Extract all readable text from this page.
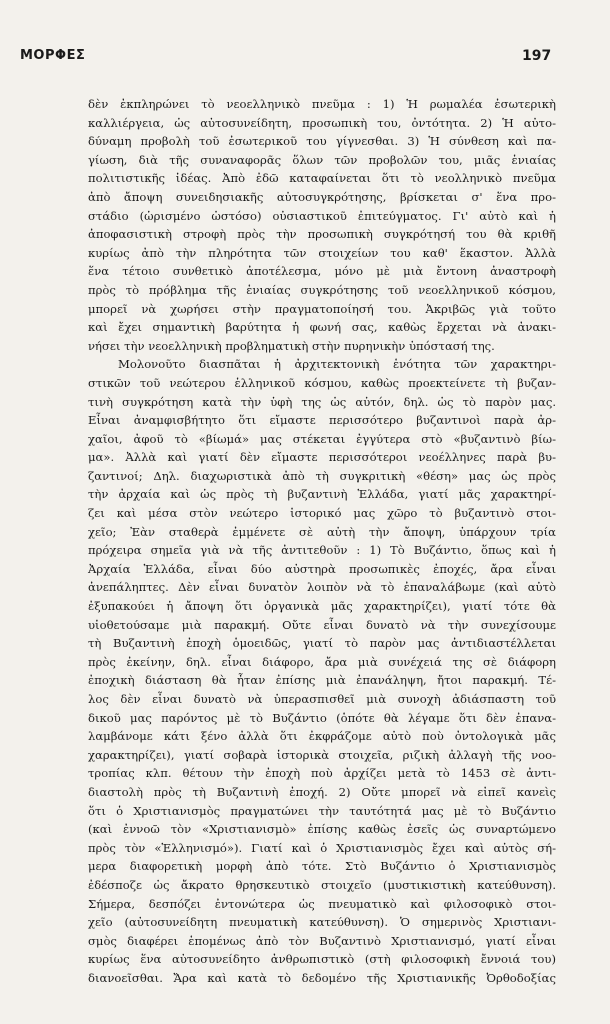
ΜΟΡΦΕΣ	197
δὲν ἐκπληρώνει τὸ νεοελληνικὸ πνεῦμα : 1) Ἡ ρωμαλέα ἐσωτερικὴ
καλλιέργεια, ὡς αὐτοσυνείδητη, προσωπικὴ του, ὀντότητα. 2) Ἡ αὐτο-
δύναμη προβολὴ τοῦ ἐσωτερικοῦ του γίγνεσθαι. 3) Ἡ σύνθεση καὶ πα-
γίωση, διὰ τῆς συναναφορᾶς ὅλων τῶν προβολῶν του, μιᾶς ἑνιαίας
πολιτιστικῆς ἰδέας. Ἀπὸ ἐδῶ καταφαίνεται ὅτι τὸ νεολληνικὸ πνεῦμα
ἀπὸ ἄποψη συνειδησιακῆς αὐτοσυγκρότησης, βρίσκεται σ' ἕνα προ-
στάδιο (ὡρισμένο ὡστόσο) οὐσιαστικοῦ ἐπιτεύγματος. Γι' αὐτὸ καὶ ἡ
ἀποφασιστικὴ στροφὴ πρὸς τὴν προσωπικὴ συγκρότησή του θὰ κριθῆ
κυρίως ἀπὸ τὴν πληρότητα τῶν στοιχείων του καθ' ἕκαστον. Ἀλλὰ
ἕνα τέτοιο συνθετικὸ ἀποτέλεσμα, μόνο μὲ μιὰ ἔντονη ἀναστροφὴ
πρὸς τὸ πρόβλημα τῆς ἑνιαίας συγκρότησης τοῦ νεοελληνικοῦ κόσμου,
μπορεῖ νὰ χωρήσει στὴν πραγματοποίησή του. Ἀκριβῶς γιὰ τοῦτο
καὶ ἔχει σημαντικὴ βαρύτητα ἡ φωνή σας, καθὼς ἔρχεται νὰ ἀνακι-
νήσει τὴν νεοελληνικὴ προβληματικὴ στὴν πυρηνικὴν ὑπόστασή της.
Μολονοῦτο διασπᾶται ἡ ἀρχιτεκτονικὴ ἑνότητα τῶν χαρακτηρι-
στικῶν τοῦ νεώτερου ἑλληνικοῦ κόσμου, καθὼς προεκτείνετε τὴ βυζαν-
τινὴ συγκρότηση κατὰ τὴν ὑφὴ της ὡς αὐτόν, δηλ. ὡς τὸ παρὸν μας.
Εἶναι ἀναμφισβήτητο ὅτι εἴμαστε περισσότερο βυζαντινοὶ παρὰ ἀρ-
χαῖοι, ἀφοῦ τὸ «βίωμά» μας στέκεται ἐγγύτερα στὸ «βυζαντινὸ βίω-
μα». Ἀλλὰ καὶ γιατί δὲν εἴμαστε περισσότεροι νεοέλληνες παρὰ βυ-
ζαντινοί; Δηλ. διαχωριστικὰ ἀπὸ τὴ συγκριτικὴ «θέση» μας ὡς πρὸς
τὴν ἀρχαία καὶ ὡς πρὸς τὴ βυζαντινὴ Ἑλλάδα, γιατί μᾶς χαρακτηρί-
ζει καὶ μέσα στὸν νεώτερο ἱστορικό μας χῶρο τὸ βυζαντινὸ στοι-
χεῖο; Ἐὰν σταθερὰ ἐμμένετε σὲ αὐτὴ τὴν ἄποψη, ὑπάρχουν τρία
πρόχειρα σημεῖα γιὰ νὰ τῆς ἀντιτεθοῦν : 1) Τὸ Βυζάντιο, ὅπως καὶ ἡ
Ἀρχαία Ἑλλάδα, εἶναι δύο αὐστηρὰ προσωπικὲς ἐποχές, ἄρα εἶναι
ἀνεπάληπτες. Δὲν εἶναι δυνατὸν λοιπὸν νὰ τὸ ἐπαναλάβωμε (καὶ αὐτὸ
ἐξυπακούει ἡ ἄποψη ὅτι ὀργανικὰ μᾶς χαρακτηρίζει), γιατί τότε θὰ
υἱοθετούσαμε μιὰ παρακμή. Οὔτε εἶναι δυνατὸ νὰ τὴν συνεχίσουμε
τὴ Βυζαντινὴ ἐποχὴ ὁμοειδῶς, γιατί τὸ παρὸν μας ἀντιδιαστέλλεται
πρὸς ἐκείνην, δηλ. εἶναι διάφορο, ἄρα μιὰ συνέχειά της σὲ διάφορη
ἐποχικὴ διάσταση θὰ ἦταν ἐπίσης μιὰ ἐπανάληψη, ἤτοι παρακμή. Τέ-
λος δὲν εἶναι δυνατὸ νὰ ὑπερασπισθεῖ μιὰ συνοχὴ ἀδιάσπαστη τοῦ
δικοῦ μας παρόντος μὲ τὸ Βυζάντιο (ὁπότε θὰ λέγαμε ὅτι δὲν ἐπανα-
λαμβάνομε κάτι ξένο ἀλλὰ ὅτι ἐκφράζομε αὐτὸ ποὺ ὀντολογικὰ μᾶς
χαρακτηρίζει), γιατί σοβαρὰ ἱστορικὰ στοιχεῖα, ριζικὴ ἀλλαγὴ τῆς νοο-
τροπίας κλπ. θέτουν τὴν ἐποχὴ ποὺ ἀρχίζει μετὰ τὸ 1453 σὲ ἀντι-
διαστολὴ πρὸς τὴ Βυζαντινὴ ἐποχή. 2) Οὔτε μπορεῖ νὰ εἰπεῖ κανεὶς
ὅτι ὁ Χριστιανισμὸς πραγματώνει τὴν ταυτότητά μας μὲ τὸ Βυζάντιο
(καὶ ἐννοῶ τὸν «Χριστιανισμὸ» ἐπίσης καθὼς ἐσεῖς ὡς συναρτώμενο
πρὸς τὸν «Ἑλληνισμό»). Γιατί καὶ ὁ Χριστιανισμὸς ἔχει καὶ αὐτὸς σή-
μερα διαφορετικὴ μορφὴ ἀπὸ τότε. Στὸ Βυζάντιο ὁ Χριστιανισμὸς
ἐδέσποζε ὡς ἄκρατο θρησκευτικὸ στοιχεῖο (μυστικιστικὴ κατεύθυνση).
Σήμερα, δεσπόζει ἐντονώτερα ὡς πνευματικὸ καὶ φιλοσοφικὸ στοι-
χεῖο (αὐτοσυνείδητη πνευματικὴ κατεύθυνση). Ὁ σημερινὸς Χριστιανι-
σμὸς διαφέρει ἑπομένως ἀπὸ τὸν Βυζαντινὸ Χριστιανισμό, γιατί εἶναι
κυρίως ἕνα αὐτοσυνείδητο ἀνθρωπιστικὸ (στὴ φιλοσοφικὴ ἔννοιά του)
διανοεῖσθαι. Ἄρα καὶ κατὰ τὸ δεδομένο τῆς Χριστιανικῆς Ὀρθοδοξίας
